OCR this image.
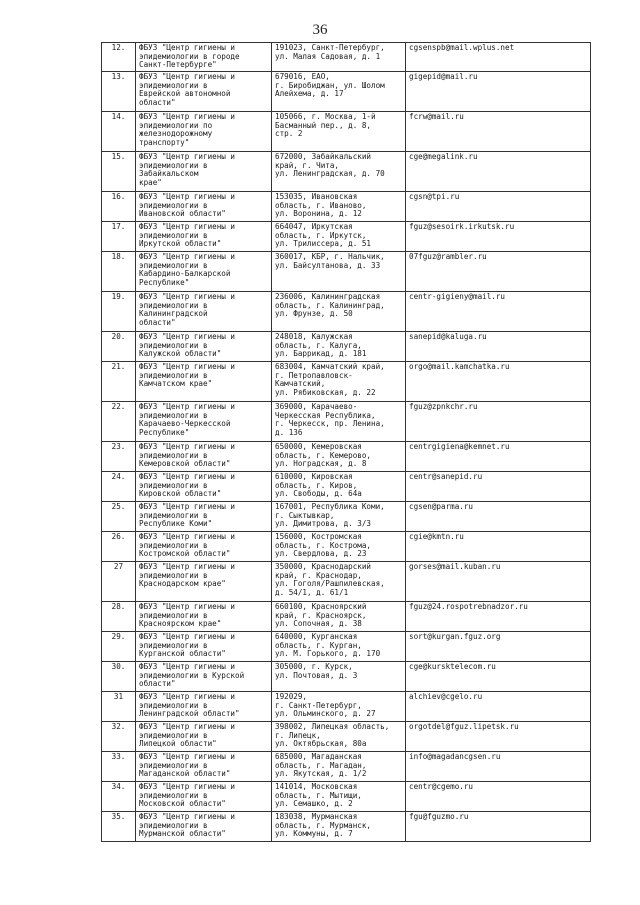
36
12.	ФБУЗ "Центр гигиены и
эпидемиологии в городе
Санкт-Петербурге"	191023, Санкт-Петербург,
ул. Малая Садовая, д. 1	cgsenspb@mail.wplus.net
13.	ФБУЗ "Центр гигиены и
эпидемиологии в
Еврейской автономной
области"	679016, ЕАО,
г. Биробиджан, ул. Шолом
Алейхема, д. 17	gigepid@mail.ru
14.	ФБУЗ "Центр гигиены и
эпидемиологии по
железнодорожному
транспорту"	105066, г. Москва, 1-й
Басманный пер., д. 8,
стр. 2	fcrw@mail.ru
15.	ФБУЗ "Центр гигиены и
эпидемиологии в
Забайкальском
крае"	672000, Забайкальский
край, г. Чита,
ул. Ленинградская, д. 70	cge@megalink.ru
16.	ФБУЗ "Центр гигиены и
эпидемиологии в
Ивановской области"	153035, Ивановская
область, г. Иваново,
ул. Воронина, д. 12	cgsn@tpi.ru
17.	ФБУЗ "Центр гигиены и
эпидемиологии в
Иркутской области"	664047, Иркутская
область, г. Иркутск,
ул. Трилиссера, д. 51	fguz@sesoirk.irkutsk.ru
18.	ФБУЗ "Центр гигиены и
эпидемиологии в
Кабардино-Балкарской
Республике"	360017, КБР, г. Нальчик,
ул. Байсултанова, д. 33	07fguz@rambler.ru
19.	ФБУЗ "Центр гигиены и
эпидемиологии в
Калининградской
области"	236006, Калининградская
область, г. Калининград,
ул. Фрунзе, д. 50	centr-gigieny@mail.ru
20.	ФБУЗ "Центр гигиены и
эпидемиологии в
Калужской области"	248018, Калужская
область, г. Калуга,
ул. Баррикад, д. 181	sanepid@kaluga.ru
21.	ФБУЗ "Центр гигиены и
эпидемиологии в
Камчатском крае"	683004, Камчатский край,
г. Петропавловск-
Камчатский,
ул. Рябиковская, д. 22	orgo@mail.kamchatka.ru
22.	ФБУЗ "Центр гигиены и
эпидемиологии в
Карачаево-Черкесской
Республике"	369000, Карачаево-
Черкесская Республика,
г. Черкесск, пр. Ленина,
д. 136	fguz@zpnkchr.ru
23.	ФБУЗ "Центр гигиены и
эпидемиологии в
Кемеровской области"	650000, Кемеровская
область, г. Кемерово,
ул. Ноградская, д. 8	centrgigiena@kemnet.ru
24.	ФБУЗ "Центр гигиены и
эпидемиологии в
Кировской области"	610000, Кировская
область, г. Киров,
ул. Свободы, д. 64а	centr@sanepid.ru
25.	ФБУЗ "Центр гигиены и
эпидемиологии в
Республике Коми"	167001, Республика Коми,
г. Сыктывкар,
ул. Димитрова, д. 3/3	cgsen@parma.ru
26.	ФБУЗ "Центр гигиены и
эпидемиологии в
Костромской области"	156000, Костромская
область, г. Кострома,
ул. Свердлова, д. 23	cgie@kmtn.ru
27	ФБУЗ "Центр гигиены и
эпидемиологии в
Краснодарском крае"	350000, Краснодарский
край, г. Краснодар,
ул. Гоголя/Рашпилевская,
д. 54/1, д. 61/1	gorses@mail.kuban.ru
28.	ФБУЗ "Центр гигиены и
эпидемиологии в
Красноярском крае"	660100, Красноярский
край, г. Красноярск,
ул. Сопочная, д. 38	fguz@24.rospotrebnadzor.ru
29.	ФБУЗ "Центр гигиены и
эпидемиологии в
Курганской области"	640000, Курганская
область, г. Курган,
ул. М. Горького, д. 170	sort@kurgan.fguz.org
30.	ФБУЗ "Центр гигиены и
эпидемиологии в Курской
области"	305000, г. Курск,
ул. Почтовая, д. 3	cge@kursktelecom.ru
31	ФБУЗ "Центр гигиены и
эпидемиологии в
Ленинградской области"	192029,
г. Санкт-Петербург,
ул. Ольминского, д. 27	alchiev@cgelo.ru
32.	ФБУЗ "Центр гигиены и
эпидемиологии в
Липецкой области"	398002, Липецкая область,
г. Липецк,
ул. Октябрьская, 80а	orgotdel@fguz.lipetsk.ru
33.	ФБУЗ "Центр гигиены и
эпидемиологии в
Магаданской области"	685000, Магаданская
область, г. Магадан,
ул. Якутская, д. 1/2	info@magadancgsen.ru
34.	ФБУЗ "Центр гигиены и
эпидемиологии в
Московской области"	141014, Московская
область, г. Мытищи,
ул. Семашко, д. 2	centr@cgemo.ru
35.	ФБУЗ "Центр гигиены и
эпидемиологии в
Мурманской области"	183038, Мурманская
область, г. Мурманск,
ул. Коммуны, д. 7	fgu@fguzmo.ru
